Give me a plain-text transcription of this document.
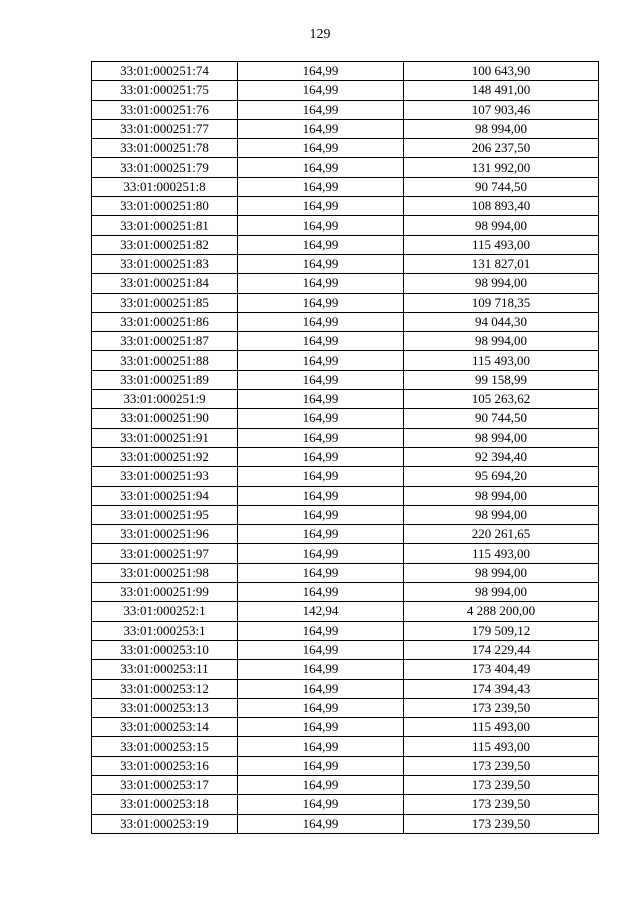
129
33:01:000251:74	164,99	100 643,90
33:01:000251:75	164,99	148 491,00
33:01:000251:76	164,99	107 903,46
33:01:000251:77	164,99	98 994,00
33:01:000251:78	164,99	206 237,50
33:01:000251:79	164,99	131 992,00
33:01:000251:8	164,99	90 744,50
33:01:000251:80	164,99	108 893,40
33:01:000251:81	164,99	98 994,00
33:01:000251:82	164,99	115 493,00
33:01:000251:83	164,99	131 827,01
33:01:000251:84	164,99	98 994,00
33:01:000251:85	164,99	109 718,35
33:01:000251:86	164,99	94 044,30
33:01:000251:87	164,99	98 994,00
33:01:000251:88	164,99	115 493,00
33:01:000251:89	164,99	99 158,99
33:01:000251:9	164,99	105 263,62
33:01:000251:90	164,99	90 744,50
33:01:000251:91	164,99	98 994,00
33:01:000251:92	164,99	92 394,40
33:01:000251:93	164,99	95 694,20
33:01:000251:94	164,99	98 994,00
33:01:000251:95	164,99	98 994,00
33:01:000251:96	164,99	220 261,65
33:01:000251:97	164,99	115 493,00
33:01:000251:98	164,99	98 994,00
33:01:000251:99	164,99	98 994,00
33:01:000252:1	142,94	4 288 200,00
33:01:000253:1	164,99	179 509,12
33:01:000253:10	164,99	174 229,44
33:01:000253:11	164,99	173 404,49
33:01:000253:12	164,99	174 394,43
33:01:000253:13	164,99	173 239,50
33:01:000253:14	164,99	115 493,00
33:01:000253:15	164,99	115 493,00
33:01:000253:16	164,99	173 239,50
33:01:000253:17	164,99	173 239,50
33:01:000253:18	164,99	173 239,50
33:01:000253:19	164,99	173 239,50
